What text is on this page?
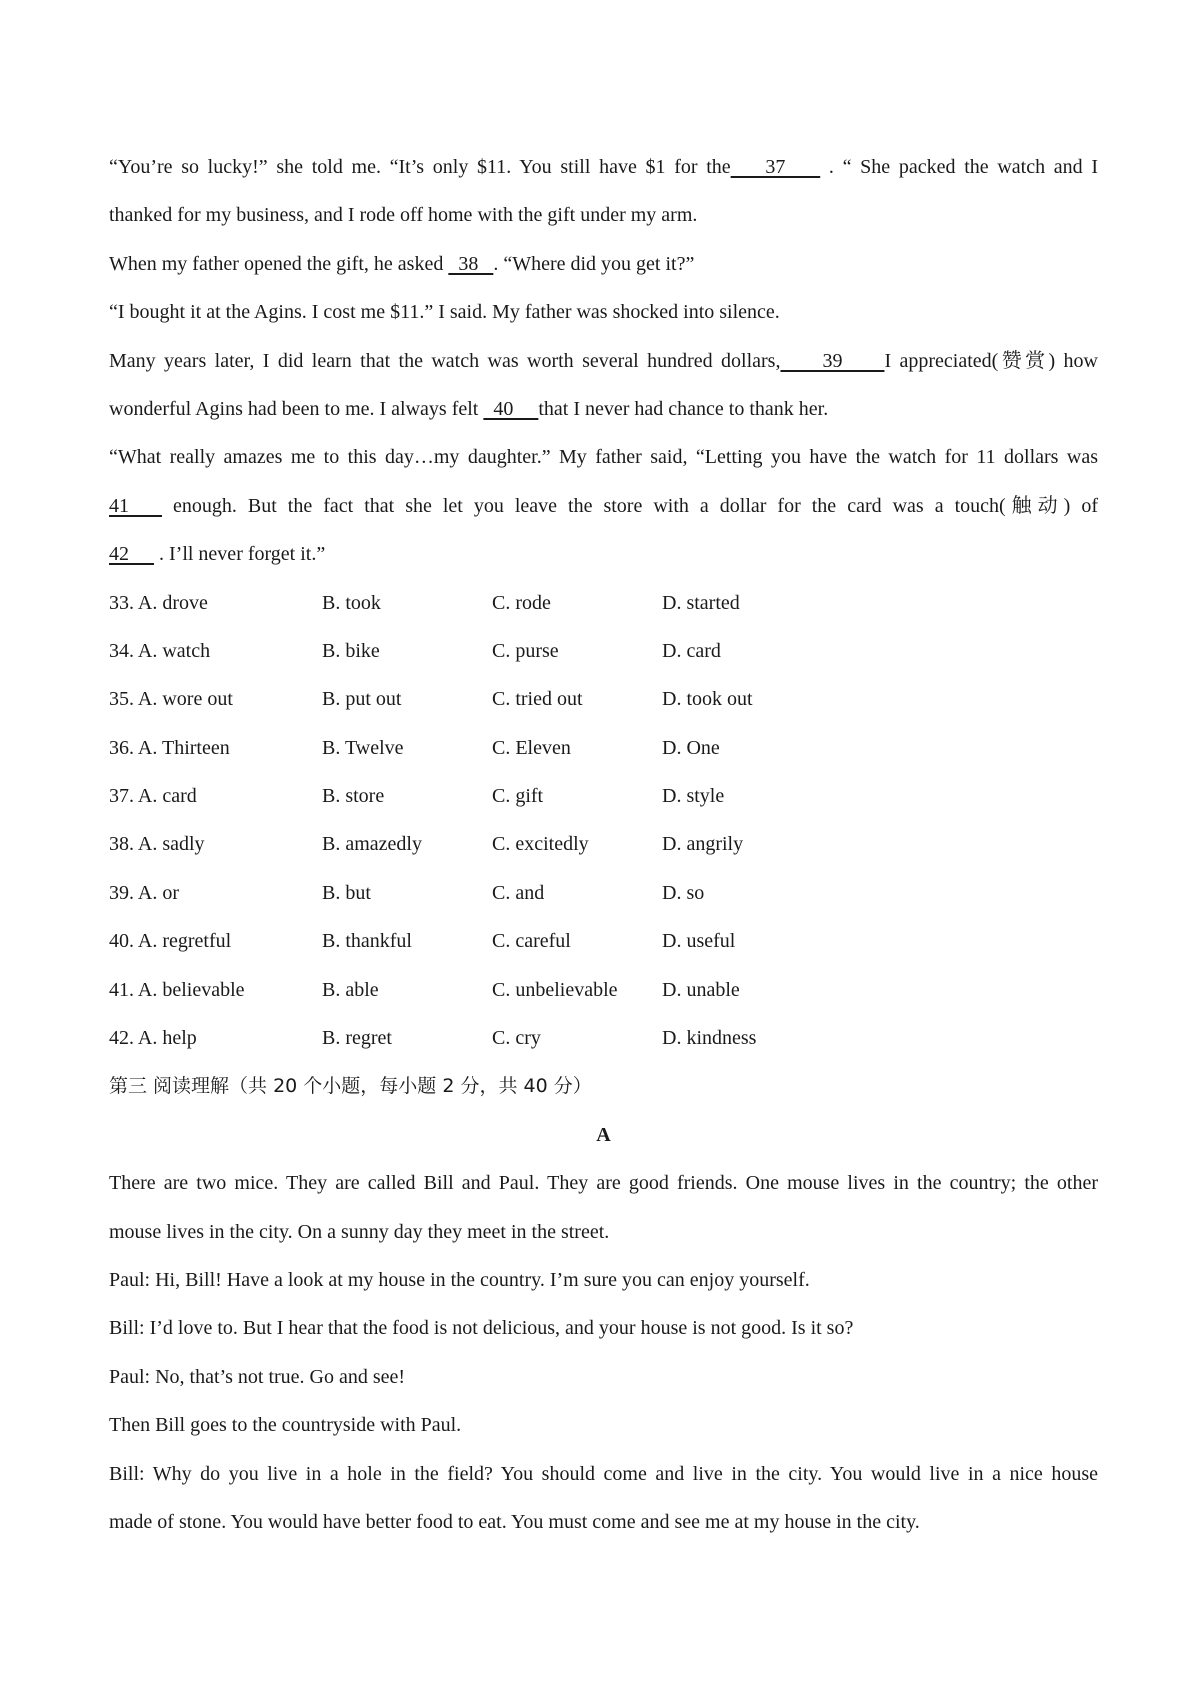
“You’re so lucky!” she told me. “It’s only $11. You still have $1 for the    37     . “ She packed the watch and I
thanked for my business, and I rode off home with the gift under my arm.
When my father opened the gift, he asked   38   . “Where did you get it?”
“I bought it at the Agins. I cost me $11.” I said. My father was shocked into silence.
Many years later, I did learn that the watch was worth several hundred dollars,     39     I appreciated(赞赏) how
wonderful Agins had been to me. I always felt   40     that I never had chance to thank her.
“What really amazes me to this day…my daughter.” My father said, “Letting you have the watch for 11 dollars was
41    enough. But the fact that she let you leave the store with a dollar for the card was a touch(触动) of
42      . I’ll never forget it.”
33. A. drove	B. took	C. rode	D. started
34. A. watch	B. bike	C. purse	D. card
35. A. wore out	B. put out	C. tried out	D. took out
36. A. Thirteen	B. Twelve	C. Eleven	D. One
37. A. card	B. store	C. gift	D. style
38. A. sadly	B. amazedly	C. excitedly	D. angrily
39. A. or	B. but	C. and	D. so
40. A. regretful	B. thankful	C. careful	D. useful
41. A. believable	B. able	C. unbelievable	D. unable
42. A. help	B. regret	C. cry	D. kindness
第三 阅读理解（共 20 个小题，每小题 2 分，共 40 分）
A
There are two mice. They are called Bill and Paul. They are good friends. One mouse lives in the country; the other
mouse lives in the city. On a sunny day they meet in the street.
Paul: Hi, Bill! Have a look at my house in the country. I’m sure you can enjoy yourself.
Bill: I’d love to. But I hear that the food is not delicious, and your house is not good. Is it so?
Paul: No, that’s not true. Go and see!
Then Bill goes to the countryside with Paul.
Bill: Why do you live in a hole in the field? You should come and live in the city. You would live in a nice house
made of stone. You would have better food to eat. You must come and see me at my house in the city.
